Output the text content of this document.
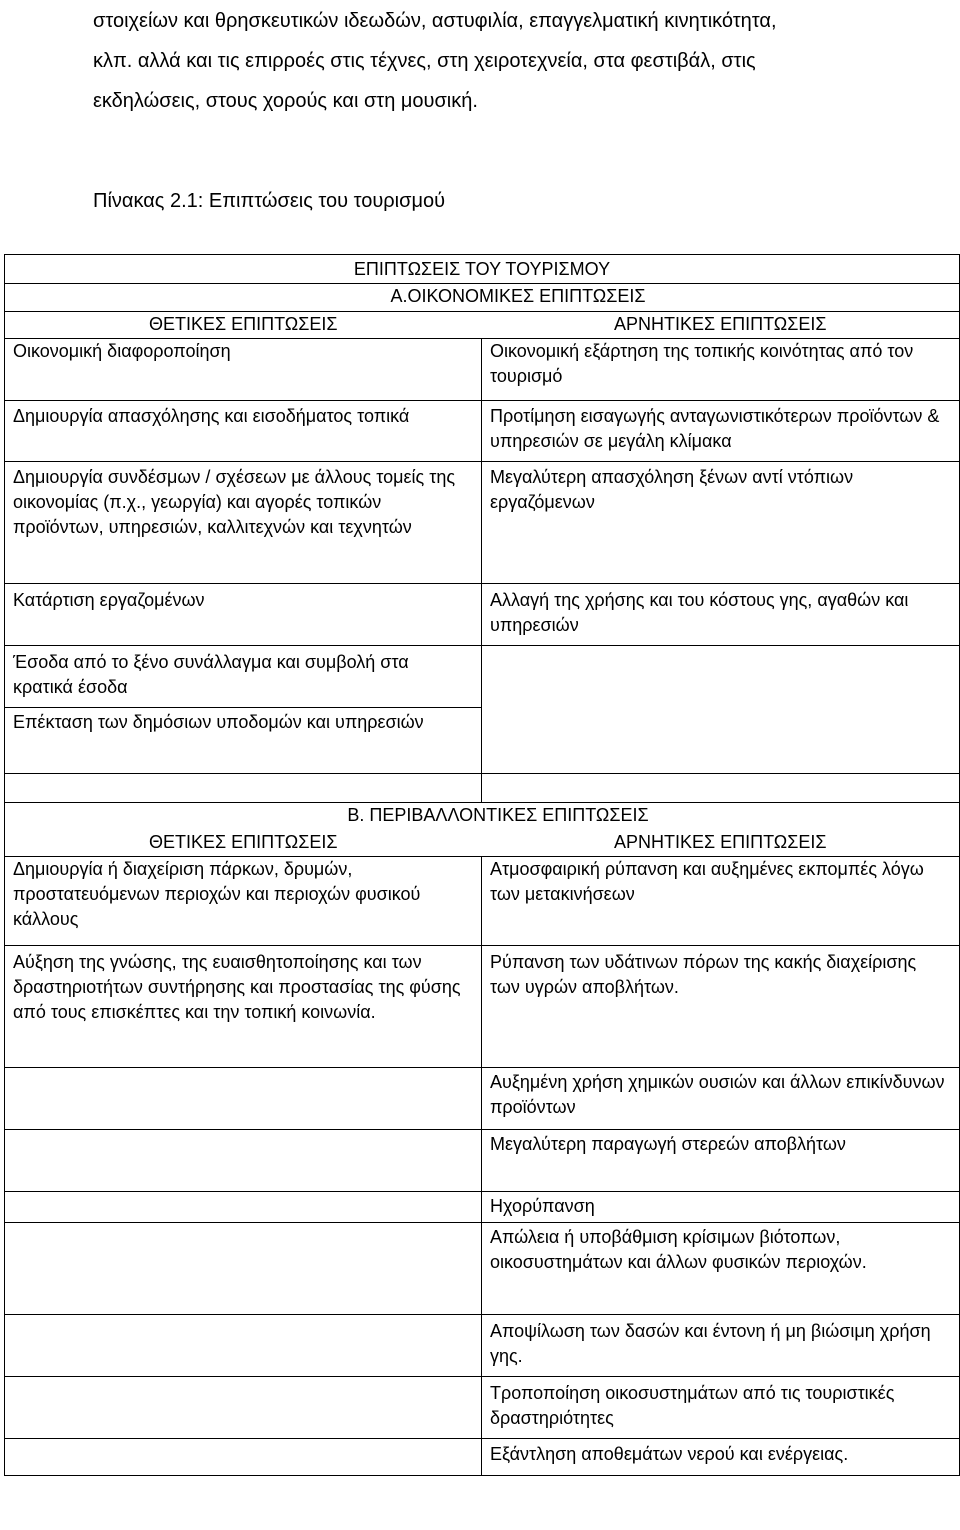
στοιχείων και θρησκευτικών ιδεωδών, αστυφιλία, επαγγελματική κινητικότητα,

κλπ. αλλά και τις επιρροές στις τέχνες, στη χειροτεχνεία, στα φεστιβάλ, στις

εκδηλώσεις, στους χορούς και στη μουσική.

Πίνακας 2.1: Επιπτώσεις του τουρισμού
ΕΠΙΠΤΩΣΕΙΣ ΤΟΥ ΤΟΥΡΙΣΜΟΥ	
Α.ΟΙΚΟΝΟΜΙΚΕΣ ΕΠΙΠΤΩΣΕΙΣ	
ΘΕΤΙΚΕΣ ΕΠΙΠΤΩΣΕΙΣ	ΑΡΝΗΤΙΚΕΣ ΕΠΙΠΤΩΣΕΙΣ
Οικονομική διαφοροποίηση	Οικονομική εξάρτηση της τοπικής κοινότητας από τον τουρισμό
Δημιουργία απασχόλησης και εισοδήματος τοπικά	Προτίμηση εισαγωγής ανταγωνιστικότερων προϊόντων & υπηρεσιών σε μεγάλη κλίμακα
Δημιουργία συνδέσμων / σχέσεων με άλλους τομείς της οικονομίας (π.χ., γεωργία) και αγορές τοπικών προϊόντων, υπηρεσιών, καλλιτεχνών και τεχνητών	Μεγαλύτερη απασχόληση ξένων αντί ντόπιων εργαζόμενων
Κατάρτιση εργαζομένων	Αλλαγή της χρήσης και του κόστους γης, αγαθών και υπηρεσιών
Έσοδα από το ξένο συνάλλαγμα και συμβολή στα κρατικά έσοδα	
Επέκταση των δημόσιων υποδομών και υπηρεσιών	

Β. ΠΕΡΙΒΑΛΛΟΝΤΙΚΕΣ ΕΠΙΠΤΩΣΕΙΣ	
ΘΕΤΙΚΕΣ ΕΠΙΠΤΩΣΕΙΣ	ΑΡΝΗΤΙΚΕΣ ΕΠΙΠΤΩΣΕΙΣ
Δημιουργία ή διαχείριση πάρκων, δρυμών, προστατευόμενων περιοχών και περιοχών φυσικού κάλλους	Ατμοσφαιρική ρύπανση και αυξημένες εκπομπές λόγω των μετακινήσεων
Αύξηση της γνώσης, της ευαισθητοποίησης και των δραστηριοτήτων συντήρησης και προστασίας της φύσης από τους επισκέπτες και την τοπική κοινωνία.	Ρύπανση των υδάτινων πόρων της κακής διαχείρισης των υγρών αποβλήτων.
	Αυξημένη χρήση χημικών ουσιών και άλλων επικίνδυνων προϊόντων
	Μεγαλύτερη παραγωγή στερεών αποβλήτων
	Ηχορύπανση
	Απώλεια ή υποβάθμιση κρίσιμων βιότοπων, οικοσυστημάτων και άλλων φυσικών περιοχών.
	Αποψίλωση των δασών και έντονη ή μη βιώσιμη χρήση γης.
	Τροποποίηση οικοσυστημάτων από τις τουριστικές δραστηριότητες
	Εξάντληση αποθεμάτων νερού και ενέργειας.
